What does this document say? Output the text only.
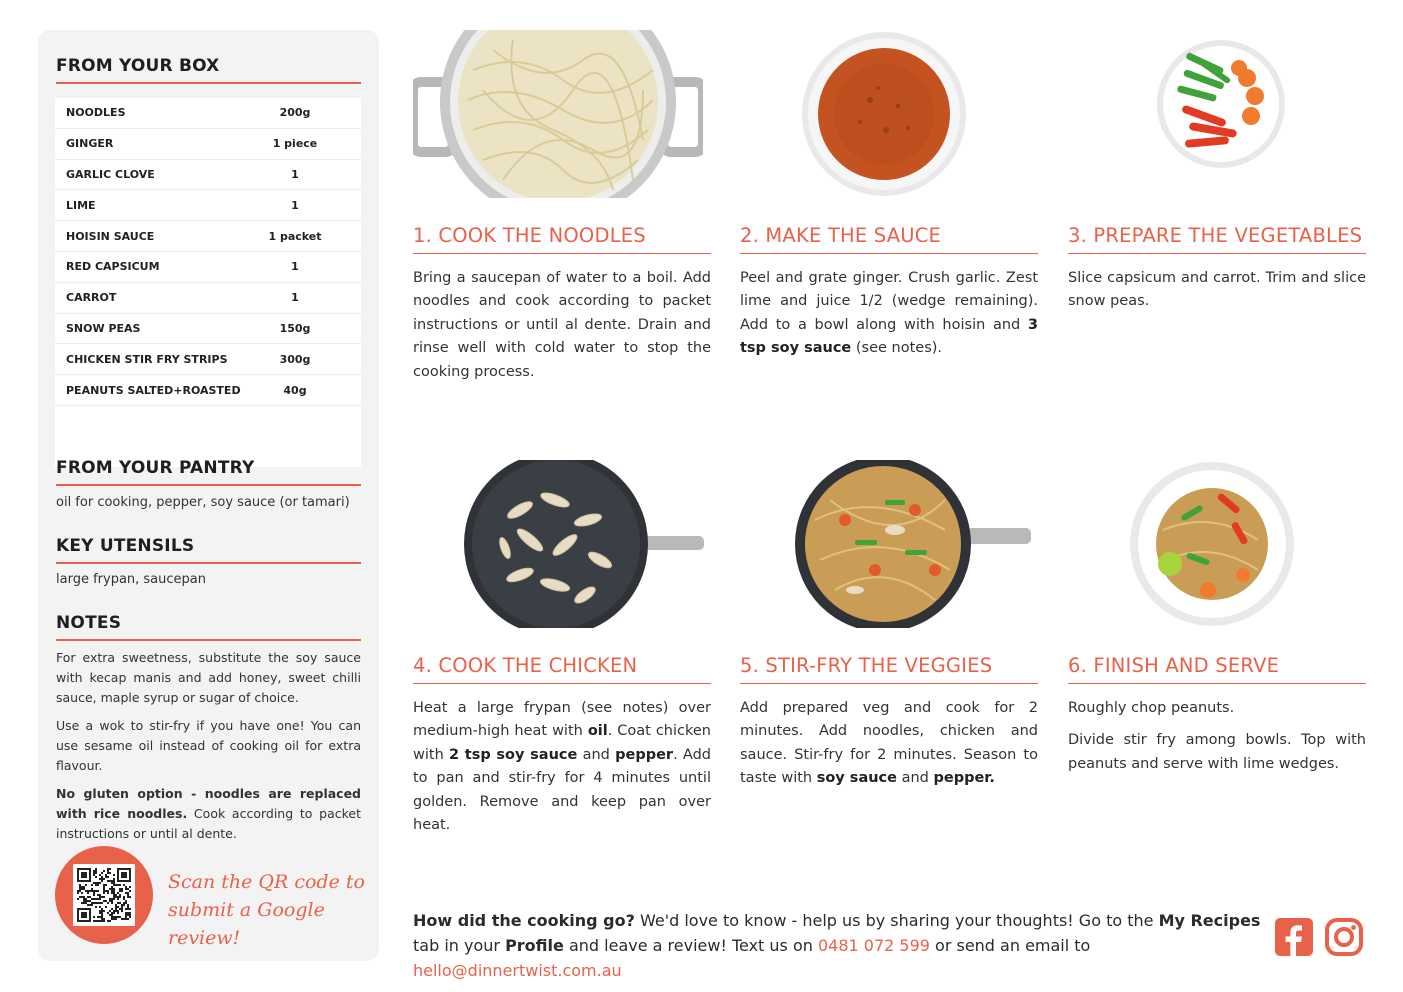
FROM YOUR BOX
NOODLES	200g
GINGER	1 piece
GARLIC CLOVE	1
LIME	1
HOISIN SAUCE	1 packet
RED CAPSICUM	1
CARROT	1
SNOW PEAS	150g
CHICKEN STIR FRY STRIPS	300g
PEANUTS SALTED+ROASTED	40g
FROM YOUR PANTRY
oil for cooking, pepper, soy sauce (or tamari)
KEY UTENSILS
large frypan, saucepan
NOTES

For extra sweetness, substitute the soy sauce with kecap manis and add honey, sweet chilli sauce, maple syrup or sugar of choice.

Use a wok to stir-fry if you have one! You can use sesame oil instead of cooking oil for extra flavour.

No gluten option - noodles are replaced with rice noodles. Cook according to packet instructions or until al dente.

Scan the QR code to
submit a Google review!
1. COOK THE NOODLES
Bring a saucepan of water to a boil. Add noodles and cook according to packet instructions or until al dente. Drain and rinse well with cold water to stop the cooking process.
2. MAKE THE SAUCE
Peel and grate ginger. Crush garlic. Zest lime and juice 1/2 (wedge remaining). Add to a bowl along with hoisin and 3 tsp soy sauce (see notes).
3. PREPARE THE VEGETABLES
Slice capsicum and carrot. Trim and slice snow peas.
4. COOK THE CHICKEN
Heat a large frypan (see notes) over medium-high heat with oil. Coat chicken with 2 tsp soy sauce and pepper. Add to pan and stir-fry for 4 minutes until golden. Remove and keep pan over heat.
5. STIR-FRY THE VEGGIES
Add prepared veg and cook for 2 minutes. Add noodles, chicken and sauce. Stir-fry for 2 minutes. Season to taste with soy sauce and pepper.
6. FINISH AND SERVE

Roughly chop peanuts.

Divide stir fry among bowls. Top with peanuts and serve with lime wedges.

How did the cooking go? We'd love to know - help us by sharing your thoughts! Go to the My Recipes tab in your Profile and leave a review! Text us on 0481 072 599 or send an email to hello@dinnertwist.com.au
